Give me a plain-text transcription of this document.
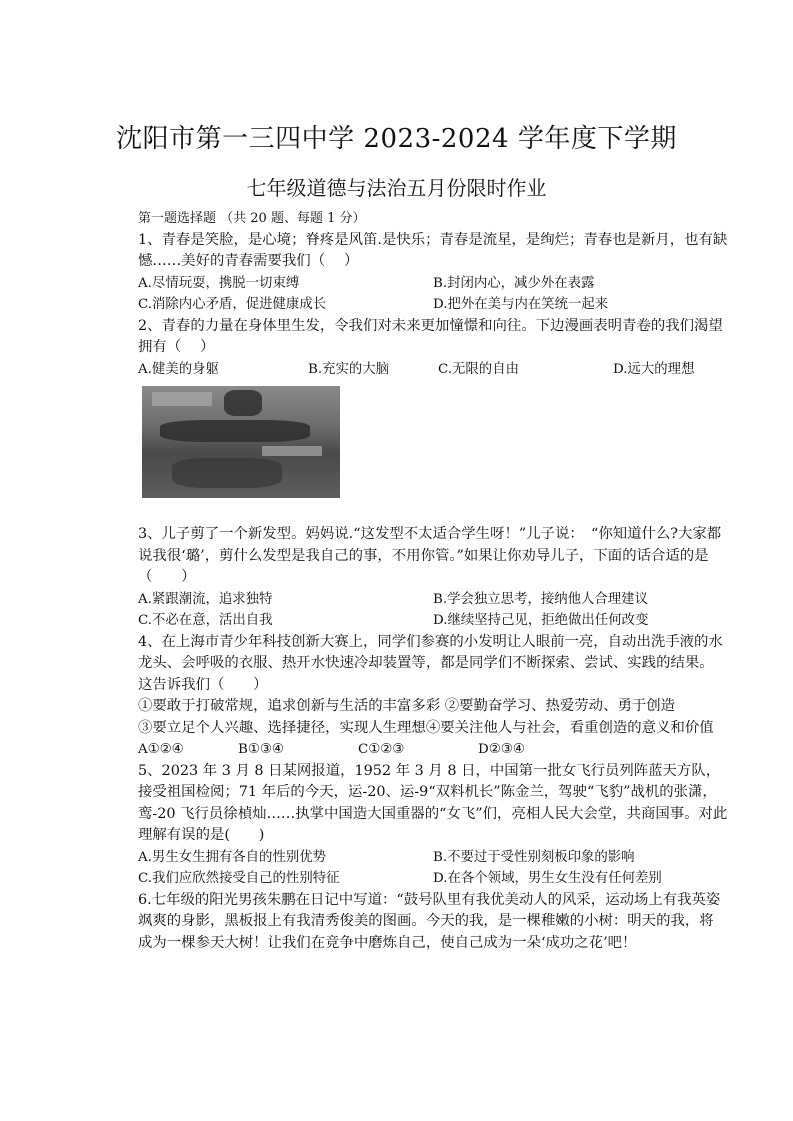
沈阳市第一三四中学 2023-2024 学年度下学期
七年级道德与法治五月份限时作业
第一题选择题 （共 20 题、每题 1 分）

1、青春是笑脸，是心境；脊疼是风笛.是快乐；青春是流星，是绚烂；青春也是新月，也有缺憾……美好的青春需要我们（　 ）

A.尽情玩耍，携脱一切束缚	B.封闭内心，减少外在表露
C.消除内心矛盾，促进健康成长	D.把外在美与内在笑统一起来

2、青春的力量在身体里生发，令我们对未来更加憧憬和向往。下边漫画表明青卷的我们渴望拥有（　 ）

A.健美的身躯	B.充实的大脑	C.无限的自由	D.远大的理想

3、儿子剪了一个新发型。妈妈说.“这发型不太适合学生呀！”儿子说：　“你知道什么?大家都说我很‘璐’，剪什么发型是我自己的事，不用你管。”如果让你劝导儿子，下面的话合适的是（　　）

A.紧跟潮流，追求独特	B.学会独立思考，接纳他人合理建议
C.不必在意，活出自我	D.继续坚持己见，拒绝做出任何改变

4、在上海市青少年科技创新大赛上，同学们参赛的小发明让人眼前一亮，自动出洗手液的水龙头、会呼吸的衣服、热开水快速冷却装置等，都是同学们不断探索、尝试、实践的结果。这告诉我们（　　）

①要敢于打破常规，追求创新与生活的丰富多彩 ②要勤奋学习、热爱劳动、勇于创造

③要立足个人兴趣、选择捷径，实现人生理想④要关注他人与社会，看重创造的意义和价值

A①②④	B①③④	C①②③	D②③④

5、2023 年 3 月 8 日某网报道，1952 年 3 月 8 日，中国第一批女飞行员列阵蓝天方队，接受祖国检阅；71 年后的今天，运-20、运-9“双料机长”陈金兰，驾驶“飞豹”战机的张潇，鸾-20 飞行员徐楨灿……执掌中国造大国重器的“女飞”们，亮相人民大会堂，共商国事。对此理解有误的是(　　)

A.男生女生拥有各自的性别优势	B.不要过于受性别刻板印象的影响
C.我们应欣然接受自己的性别特征	D.在各个领域，男生女生没有任何差别

6.七年级的阳光男孩朱鹏在日记中写道：“鼓号队里有我优美动人的风采，运动场上有我英姿飒爽的身影，黑板报上有我清秀俊美的图画。今天的我，是一棵稚嫩的小树：明天的我，将成为一棵参天大树！让我们在竞争中磨炼自己，使自己成为一朵‘成功之花’吧！
